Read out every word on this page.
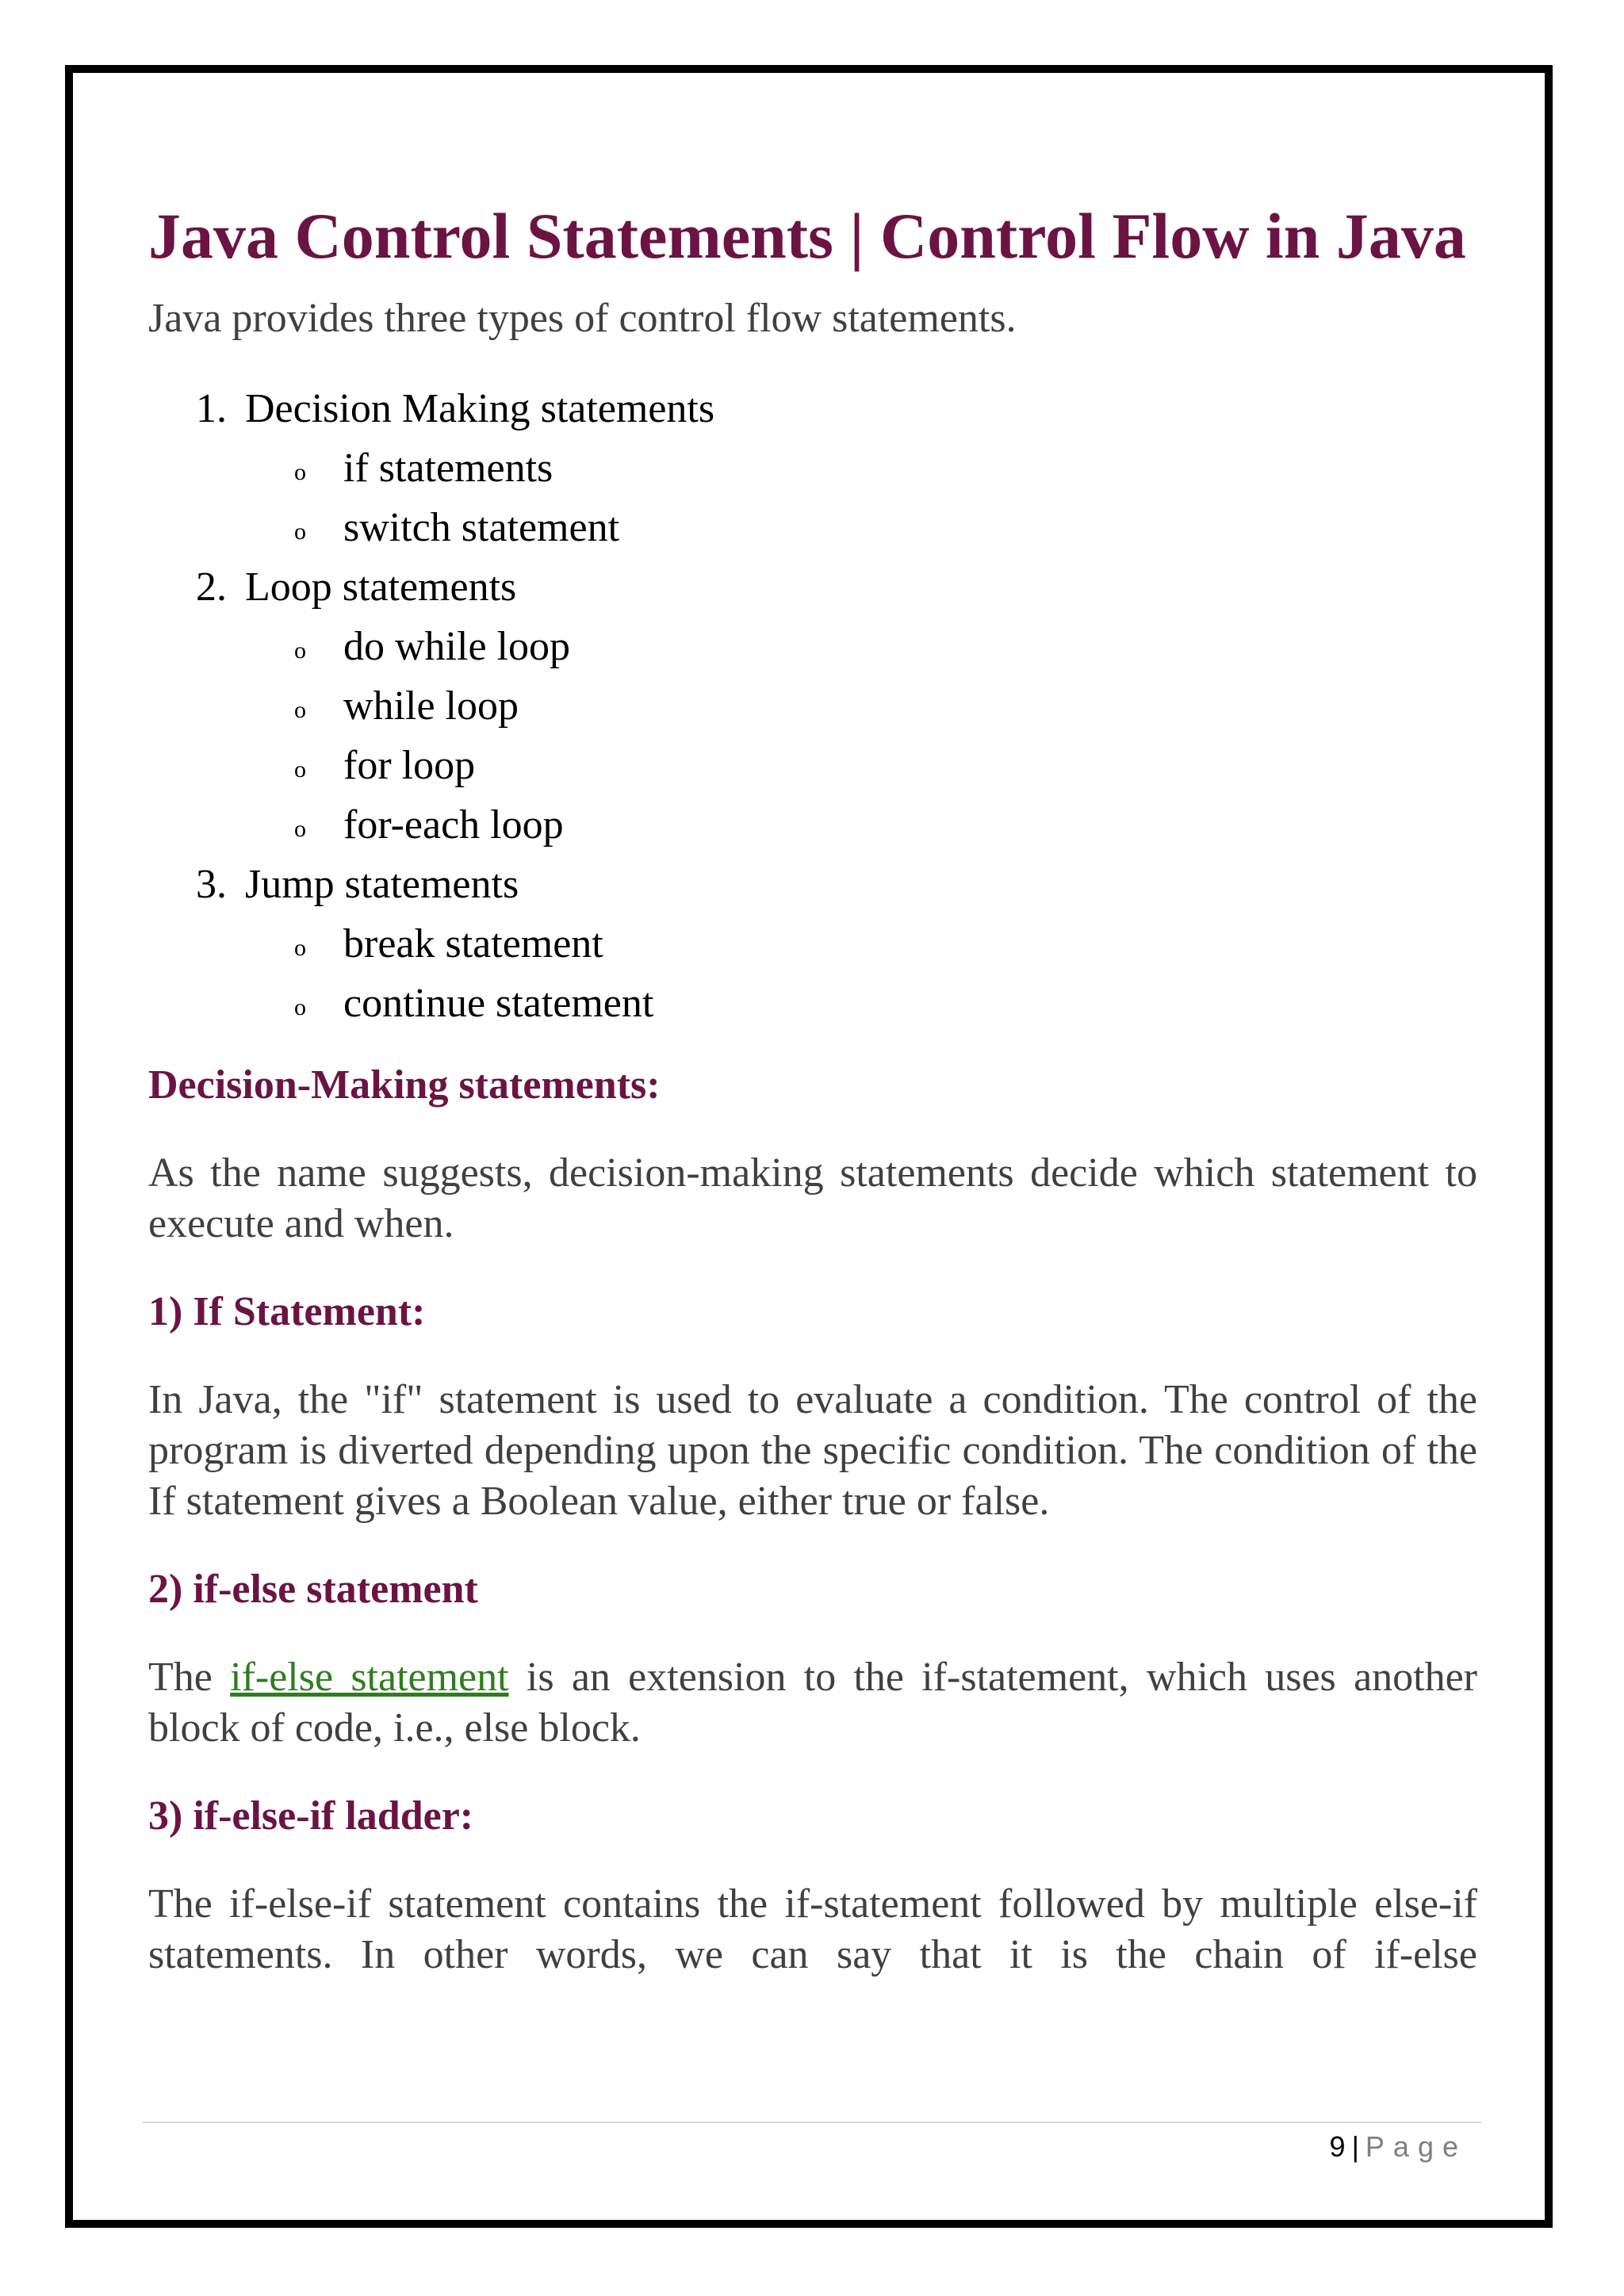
Java Control Statements | Control Flow in Java

Java provides three types of control flow statements.

1. Decision Making statements
o if statements
o switch statement
2. Loop statements
o do while loop
o while loop
o for loop
o for-each loop
3. Jump statements
o break statement
o continue statement
Decision-Making statements:

As the name suggests, decision-making statements decide which statement to execute and when.

1) If Statement:

In Java, the "if" statement is used to evaluate a condition. The control of the program is diverted depending upon the specific condition. The condition of the If statement gives a Boolean value, either true or false.

2) if-else statement

The if-else statement is an extension to the if-statement, which uses another block of code, i.e., else block.

3) if-else-if ladder:

The if-else-if statement contains the if-statement followed by multiple else-if statements. In other words, we can say that it is the chain of if-else

9 | Page
